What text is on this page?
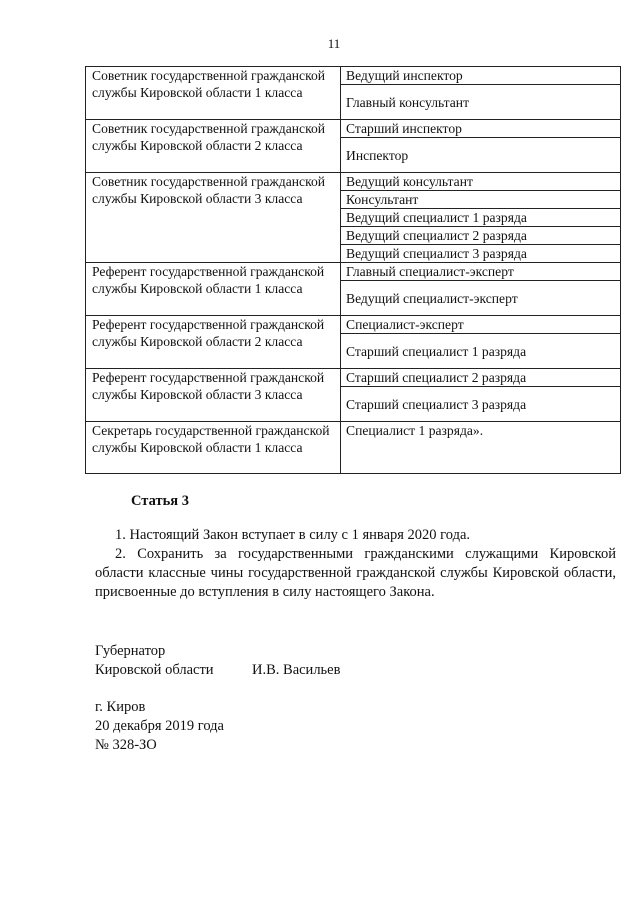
11
Советник государственной гражданской службы Кировской области 1 класса	Ведущий инспектор
	Главный консультант
Советник государственной гражданской службы Кировской области 2 класса	Старший инспектор
	Инспектор
Советник государственной гражданской службы Кировской области 3 класса	Ведущий консультант
	Консультант
	Ведущий специалист 1 разряда
	Ведущий специалист 2 разряда
	Ведущий специалист 3 разряда
Референт государственной гражданской службы Кировской области 1 класса	Главный специалист-эксперт
	Ведущий специалист-эксперт
Референт государственной гражданской службы Кировской области 2 класса	Специалист-эксперт
	Старший специалист 1 разряда
Референт государственной гражданской службы Кировской области 3 класса	Старший специалист 2 разряда
	Старший специалист 3 разряда
Секретарь государственной гражданской службы Кировской области 1 класса	Специалист 1 разряда».
Статья 3
1. Настоящий Закон вступает в силу с 1 января 2020 года.
2. Сохранить за государственными гражданскими служащими Кировской области классные чины государственной гражданской службы Кировской области, присвоенные до вступления в силу настоящего Закона.
Губернатор
Кировской области	И.В. Васильев
г. Киров
20 декабря 2019 года
№ 328-ЗО
